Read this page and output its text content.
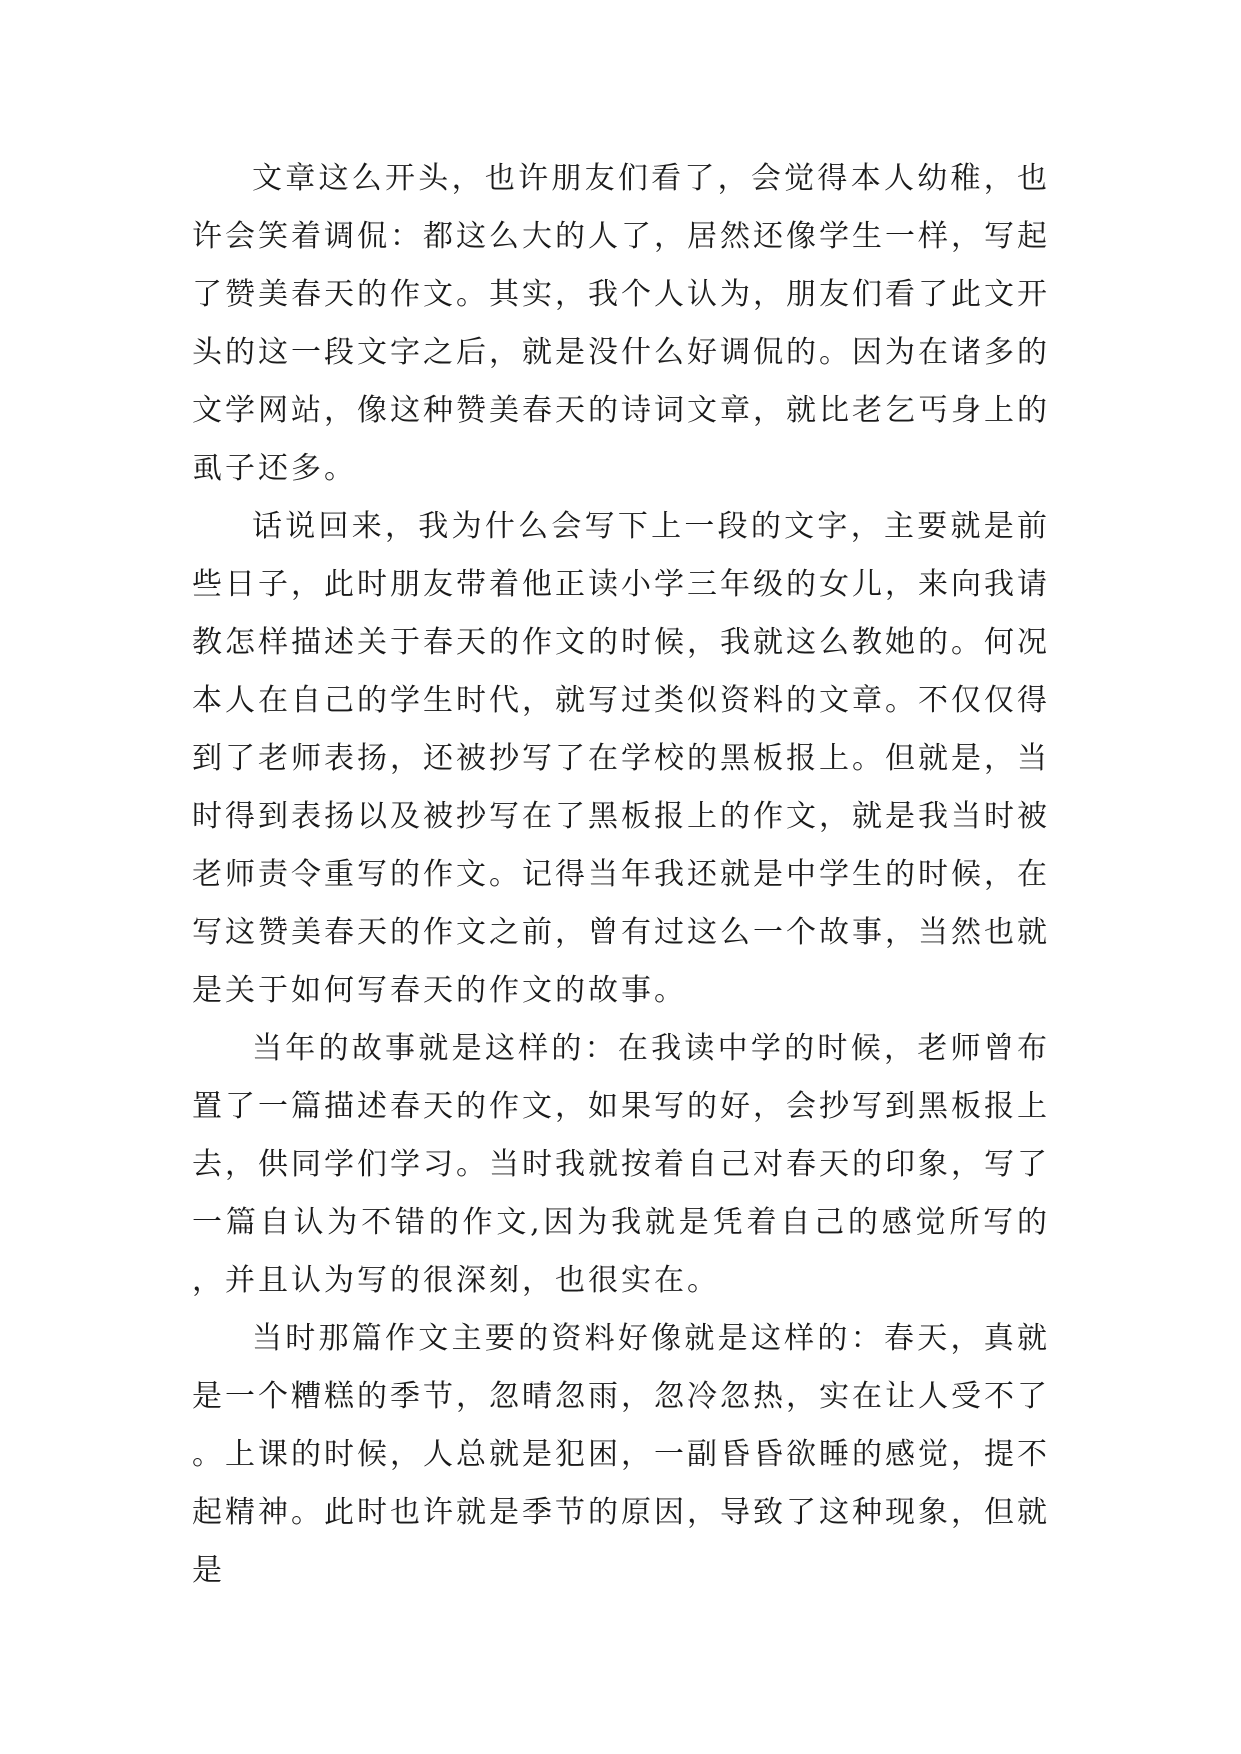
文章这么开头，也许朋友们看了，会觉得本人幼稚，也许会笑着调侃：都这么大的人了，居然还像学生一样，写起了赞美春天的作文。其实，我个人认为，朋友们看了此文开头的这一段文字之后，就是没什么好调侃的。因为在诸多的文学网站，像这种赞美春天的诗词文章，就比老乞丐身上的虱子还多。

话说回来，我为什么会写下上一段的文字，主要就是前些日子，此时朋友带着他正读小学三年级的女儿，来向我请教怎样描述关于春天的作文的时候，我就这么教她的。何况本人在自己的学生时代，就写过类似资料的文章。不仅仅得到了老师表扬，还被抄写了在学校的黑板报上。但就是，当时得到表扬以及被抄写在了黑板报上的作文，就是我当时被老师责令重写的作文。记得当年我还就是中学生的时候，在写这赞美春天的作文之前，曾有过这么一个故事，当然也就是关于如何写春天的作文的故事。

当年的故事就是这样的：在我读中学的时候，老师曾布置了一篇描述春天的作文，如果写的好，会抄写到黑板报上去，供同学们学习。当时我就按着自己对春天的印象，写了一篇自认为不错的作文,因为我就是凭着自己的感觉所写的，并且认为写的很深刻，也很实在。

当时那篇作文主要的资料好像就是这样的：春天，真就是一个糟糕的季节，忽晴忽雨，忽冷忽热，实在让人受不了。上课的时候，人总就是犯困，一副昏昏欲睡的感觉，提不起精神。此时也许就是季节的原因，导致了这种现象，但就是
